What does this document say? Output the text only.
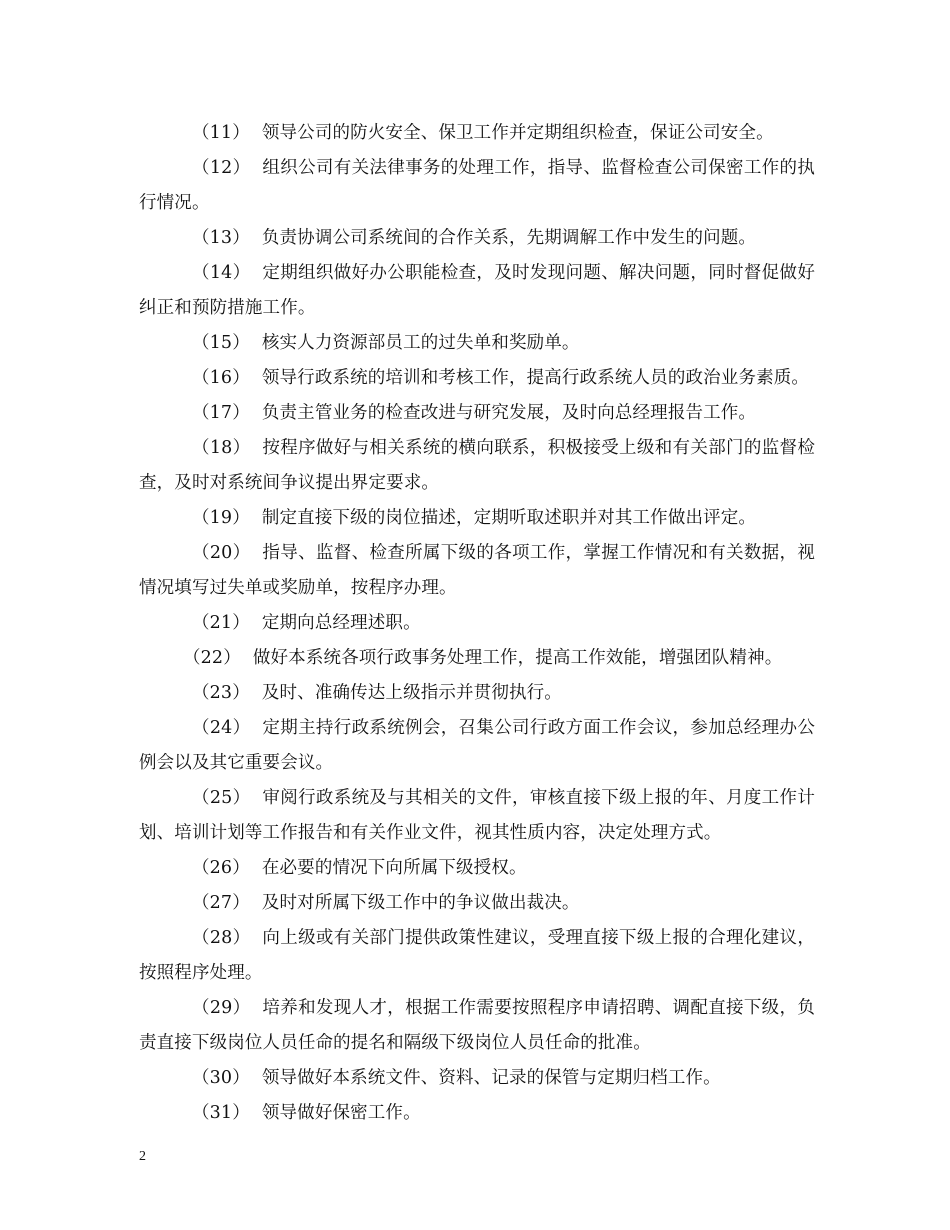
（11） 领导公司的防火安全、保卫工作并定期组织检查，保证公司安全。

（12） 组织公司有关法律事务的处理工作，指导、监督检查公司保密工作的执行情况。

（13） 负责协调公司系统间的合作关系，先期调解工作中发生的问题。

（14） 定期组织做好办公职能检查，及时发现问题、解决问题，同时督促做好纠正和预防措施工作。

（15） 核实人力资源部员工的过失单和奖励单。

（16） 领导行政系统的培训和考核工作，提高行政系统人员的政治业务素质。

（17） 负责主管业务的检查改进与研究发展，及时向总经理报告工作。

（18） 按程序做好与相关系统的横向联系，积极接受上级和有关部门的监督检查，及时对系统间争议提出界定要求。

（19） 制定直接下级的岗位描述，定期听取述职并对其工作做出评定。

（20） 指导、监督、检查所属下级的各项工作，掌握工作情况和有关数据，视情况填写过失单或奖励单，按程序办理。

（21） 定期向总经理述职。

（22） 做好本系统各项行政事务处理工作，提高工作效能，增强团队精神。

（23） 及时、准确传达上级指示并贯彻执行。

（24） 定期主持行政系统例会，召集公司行政方面工作会议，参加总经理办公例会以及其它重要会议。

（25） 审阅行政系统及与其相关的文件，审核直接下级上报的年、月度工作计划、培训计划等工作报告和有关作业文件，视其性质内容，决定处理方式。

（26） 在必要的情况下向所属下级授权。

（27） 及时对所属下级工作中的争议做出裁决。

（28） 向上级或有关部门提供政策性建议，受理直接下级上报的合理化建议，按照程序处理。

（29） 培养和发现人才，根据工作需要按照程序申请招聘、调配直接下级，负责直接下级岗位人员任命的提名和隔级下级岗位人员任命的批准。

（30） 领导做好本系统文件、资料、记录的保管与定期归档工作。

（31） 领导做好保密工作。

2
